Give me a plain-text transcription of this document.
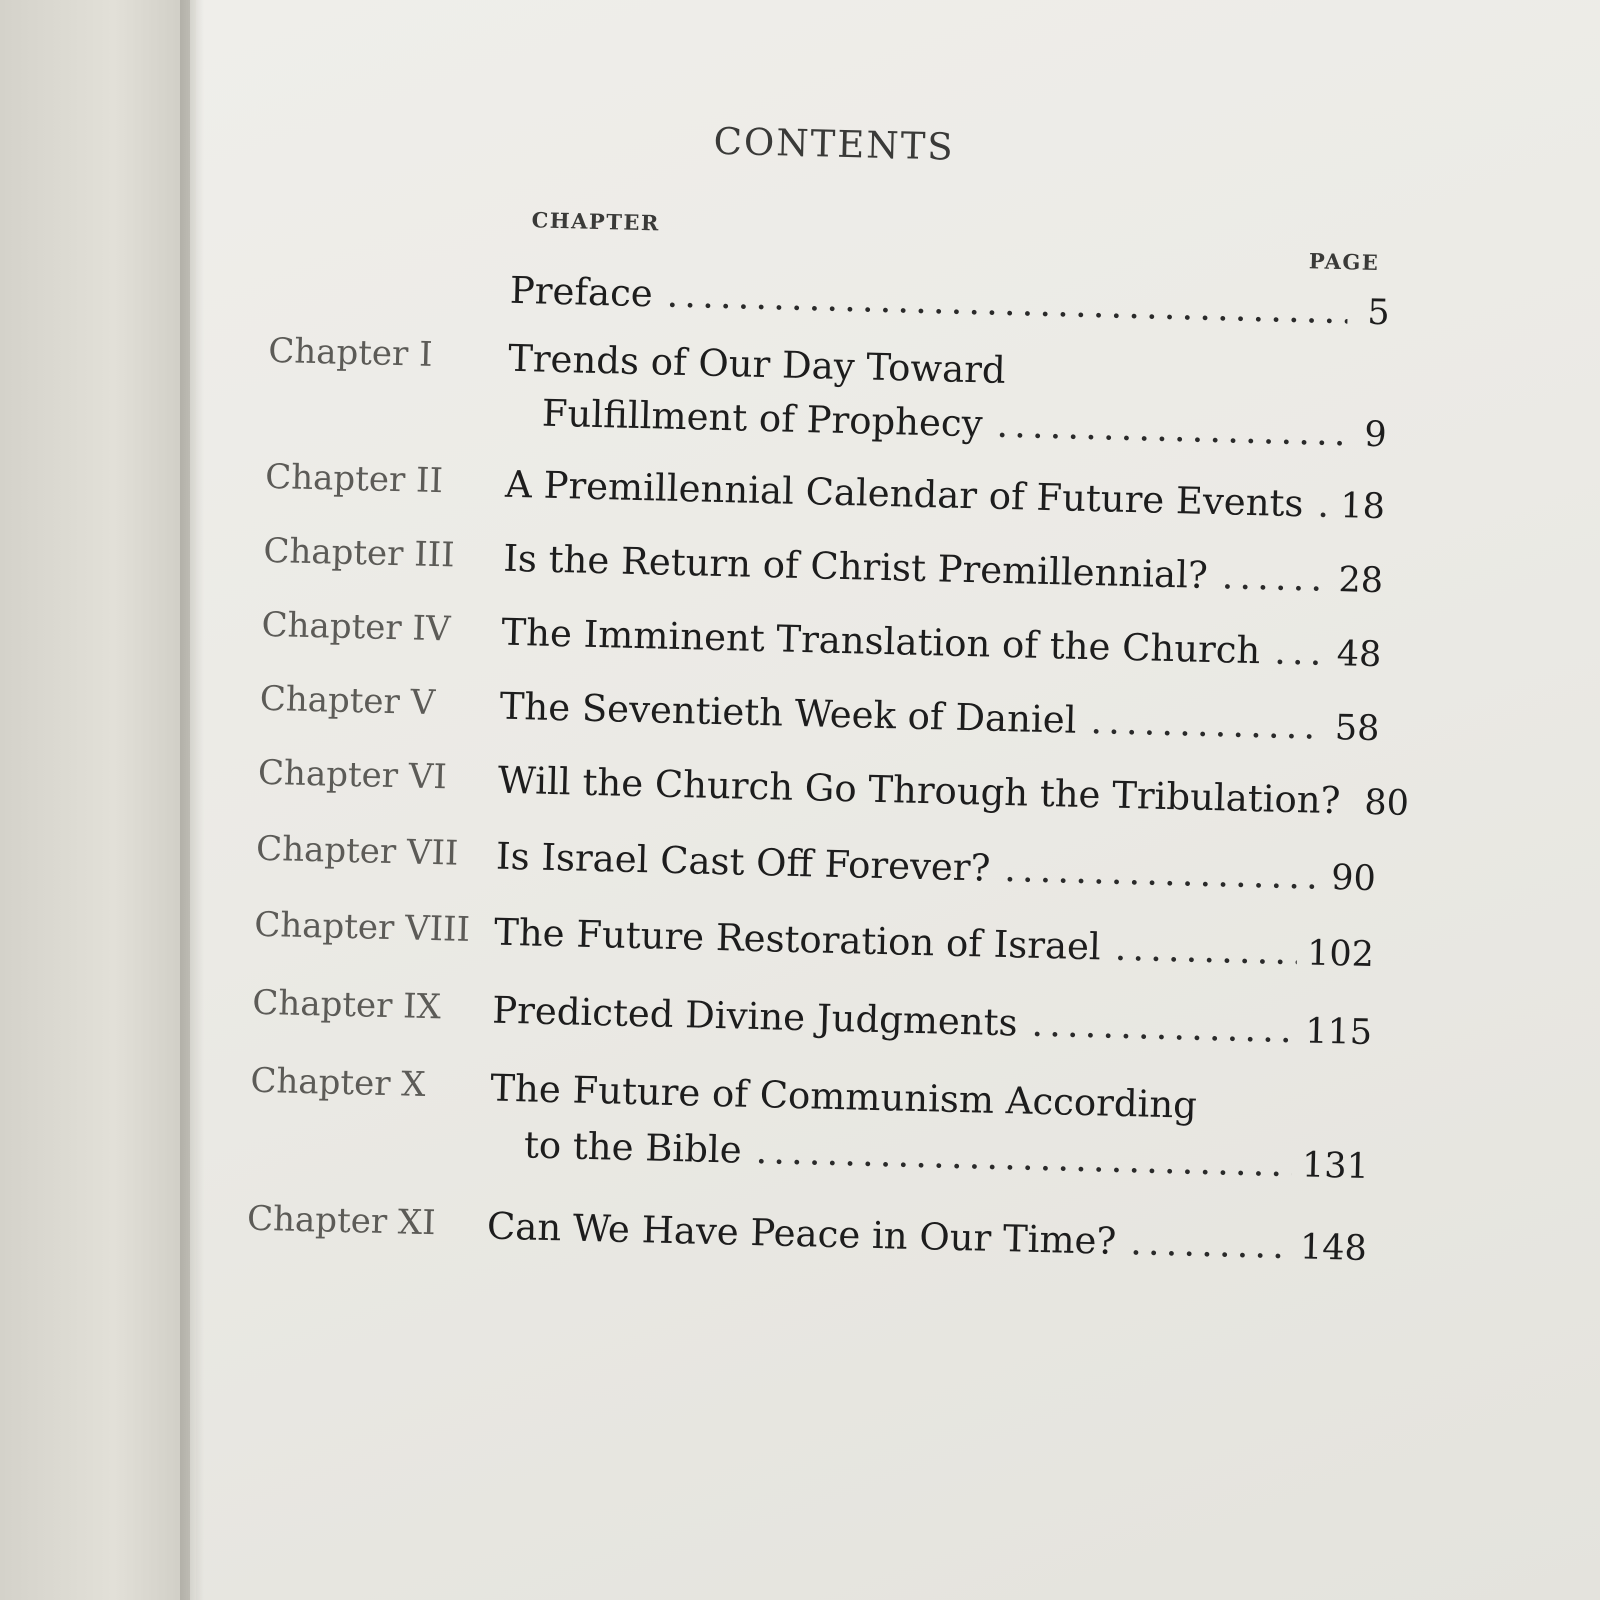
CONTENTS
CHAPTER
PAGE
Preface .....	5
Chapter I Trends of Our Day Toward
Fulfillment of Prophecy .....	9
Chapter II A Premillennial Calendar of Future Events ..... 18
Chapter III Is the Return of Christ Premillennial? .....	28
Chapter IV The Imminent Translation of the Church ..... 48
Chapter V The Seventieth Week of Daniel .....	58
Chapter VI Will the Church Go Through the Tribulation? ..... 80
Chapter VII Is Israel Cast Off Forever? .....	90
Chapter VIII The Future Restoration of Israel .....	102
Chapter IX Predicted Divine Judgments .....	115
Chapter X The Future of Communism According
to the Bible .....	131
Chapter XI Can We Have Peace in Our Time? .....	148
